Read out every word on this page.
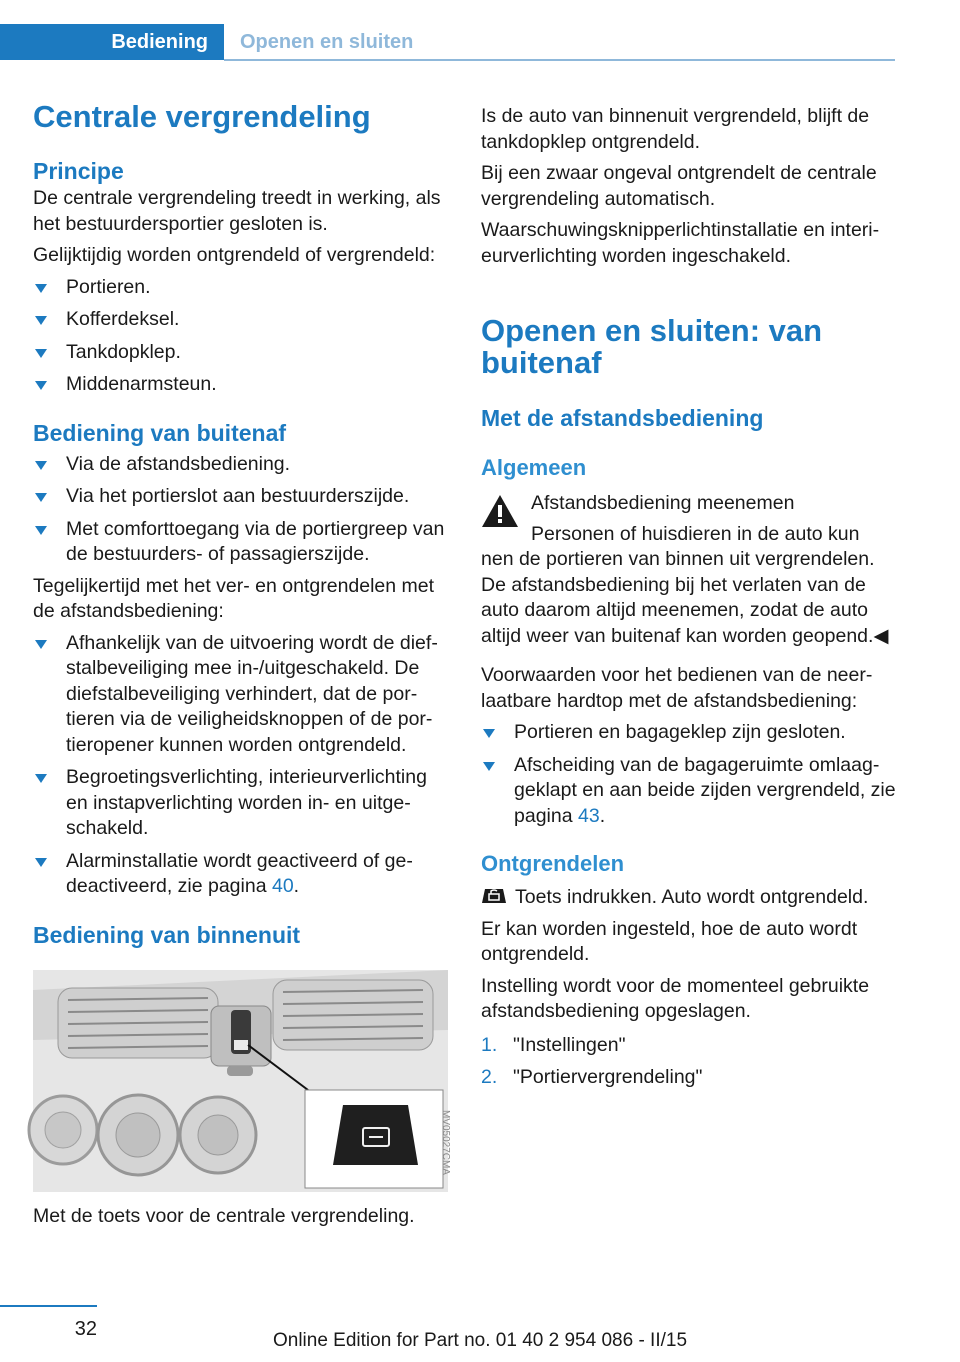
Bediening	Openen en sluiten
Centrale vergrendeling
Principe

De centrale vergrendeling treedt in werking, als het bestuurdersportier gesloten is.

Gelijktijdig worden ontgrendeld of vergrendeld:

Portieren.
Kofferdeksel.
Tankdopklep.
Middenarmsteun.
Bediening van buitenaf
Via de afstandsbediening.
Via het portierslot aan bestuurderszijde.
Met comforttoegang via de portiergreep van de bestuurders- of passagierszijde.

Tegelijkertijd met het ver- en ontgrendelen met de afstandsbediening:

Afhankelijk van de uitvoering wordt de diefstalbeveiliging mee in-/uitgeschakeld. De diefstalbeveiliging verhindert, dat de portieren via de veiligheidsknoppen of de portieropener kunnen worden ontgrendeld.
Begroetingsverlichting, interieurverlichting en instapverlichting worden in- en uitgeschakeld.
Alarminstallatie wordt geactiveerd of gedeactiveerd, zie pagina 40.
Bediening van binnenuit
MV05027CMA

Met de toets voor de centrale vergrendeling.

Is de auto van binnenuit vergrendeld, blijft de tankdopklep ontgrendeld.

Bij een zwaar ongeval ontgrendelt de centrale vergrendeling automatisch.

Waarschuwingsknipperlichtinstallatie en interieurverlichting worden ingeschakeld.

Openen en sluiten: van buitenaf
Met de afstandsbediening
Algemeen

Afstandsbediening meenemen

Personen of huisdieren in de auto kun

nen de portieren van binnen uit vergrendelen. De afstandsbediening bij het verlaten van de auto daarom altijd meenemen, zodat de auto altijd weer van buitenaf kan worden geopend.◀

Voorwaarden voor het bedienen van de neerlaatbare hardtop met de afstandsbediening:

Portieren en bagageklep zijn gesloten.
Afscheiding van de bagageruimte omlaaggeklapt en aan beide zijden vergrendeld, zie pagina 43.
Ontgrendelen

Toets indrukken. Auto wordt ontgrendeld.

Er kan worden ingesteld, hoe de auto wordt ontgrendeld.

Instelling wordt voor de momenteel gebruikte afstandsbediening opgeslagen.

1. "Instellingen"
2. "Portiervergrendeling"
32
Online Edition for Part no. 01 40 2 954 086 - II/15
